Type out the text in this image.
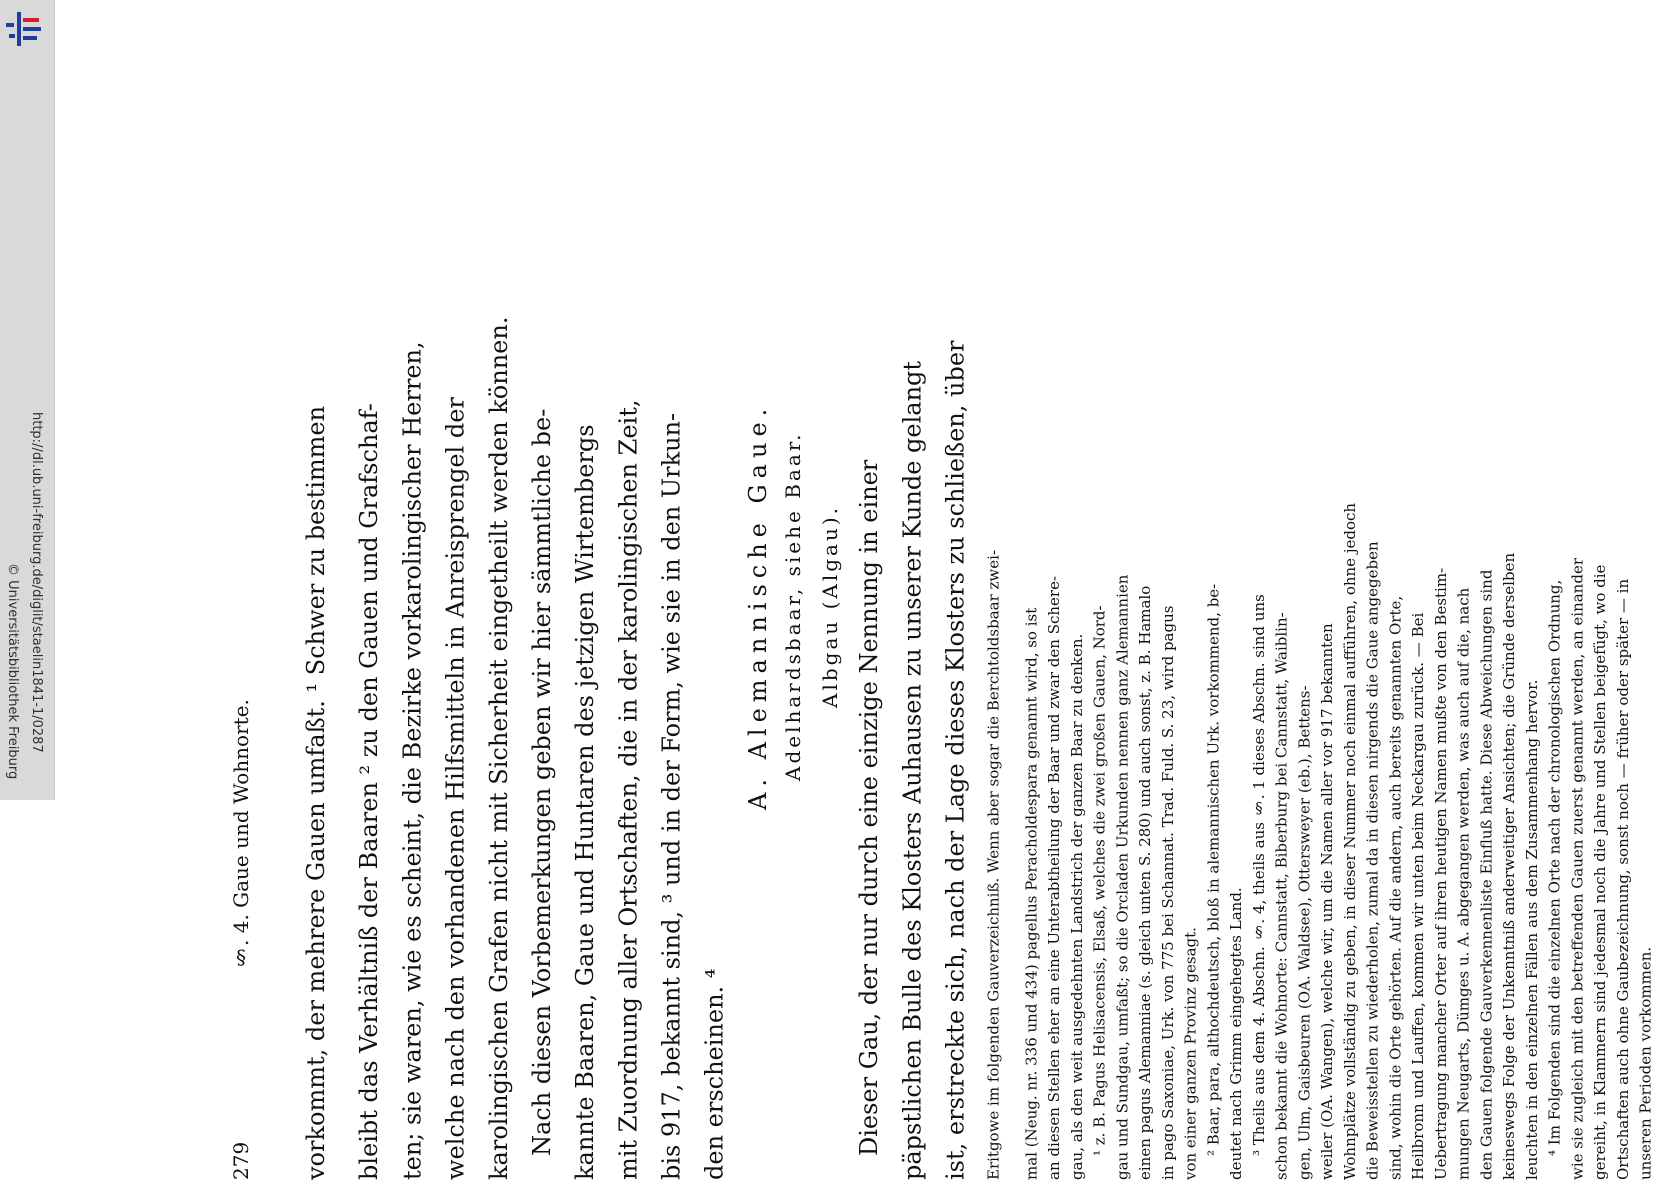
http://dl.ub.uni-freiburg.de/diglit/staelin1841-1/0287
© Universitätsbibliothek Freiburg
279
§. 4. Gaue und Wohnorte. vorkommt, der mehrere Gauen umfaßt. ¹ Schwer zu bestimmen bleibt das Verhältniß der Baaren ² zu den Gauen und Grafschaf- ten; sie waren, wie es scheint, die Bezirke vorkarolingischer Herren, welche nach den vorhandenen Hilfsmitteln in Anreisprengel der karolingischen Grafen nicht mit Sicherheit eingetheilt werden können. Nach diesen Vorbemerkungen geben wir hier sämmtliche be- kannte Baaren, Gaue und Huntaren des jetzigen Wirtembergs mit Zuordnung aller Ortschaften, die in der karolingischen Zeit, bis 917, bekannt sind, ³ und in der Form, wie sie in den Urkun- den erscheinen. ⁴
A. Alemannische Gaue. Adelhardsbaar, siehe Baar. Albgau (Algau). Dieser Gau, der nur durch eine einzige Nennung in einer päpstlichen Bulle des Klosters Auhausen zu unserer Kunde gelangt ist, erstreckte sich, nach der Lage dieses Klosters zu schließen, über Eritgowe im folgenden Gauverzeichniß. Wenn aber sogar die Berchtoldsbaar zwei- mal (Neug. nr. 336 und 434) pagellus Peracholdespara genannt wird, so ist an diesen Stellen eher an eine Unterabtheilung der Baar und zwar den Schere- gau, als den weit ausgedehnten Landstrich der ganzen Baar zu denken. ¹ z. B. Pagus Helisacensis, Elsaß, welches die zwei großen Gauen, Nord- gau und Sundgau, umfaßt; so die Orcladen Urkunden nennen ganz Alemannien einen pagus Alemanniae (s. gleich unten S. 280) und auch sonst, z. B. Hamalo in pago Saxoniae, Urk. von 775 bei Schannat. Trad. Fuld. S. 23, wird pagus von einer ganzen Provinz gesagt. ² Baar, para, althochdeutsch, bloß in alemannischen Urk. vorkommend, be- deutet nach Grimm eingehegtes Land. ³ Theils aus dem 4. Abschn. §. 4, theils aus §. 1 dieses Abschn. sind uns schon bekannt die Wohnorte: Cannstatt, Biberburg bei Cannstatt, Waiblin- gen, Ulm, Gaisbeuren (OA. Waldsee), Ottersweyer (eb.), Bettens- weiler (OA. Wangen), welche wir, um die Namen aller vor 917 bekannten Wohnplätze vollständig zu geben, in dieser Nummer noch einmal aufführen, ohne jedoch die Beweisstellen zu wiederholen, zumal da in diesen nirgends die Gaue angegeben sind, wohin die Orte gehörten. Auf die andern, auch bereits genannten Orte, Heilbronn und Lauffen, kommen wir unten beim Neckargau zurück. — Bei Uebertragung mancher Orter auf ihren heutigen Namen mußte von den Bestim- mungen Neugarts, Dümges u. A. abgegangen werden, was auch auf die, nach den Gauen folgende Gauverkennenliste Einfluß hatte. Diese Abweichungen sind keineswegs Folge der Unkenntniß anderweitiger Ansichten; die Gründe derselben leuchten in den einzelnen Fällen aus dem Zusammenhang hervor. ⁴ Im Folgenden sind die einzelnen Orte nach der chronologischen Ordnung, wie sie zugleich mit den betreffenden Gauen zuerst genannt werden, an einander gereiht, in Klammern sind jedesmal noch die Jahre und Stellen beigefügt, wo die Ortschaften auch ohne Gaubezeichnung, sonst noch — früher oder später — in unseren Perioden vorkommen.
